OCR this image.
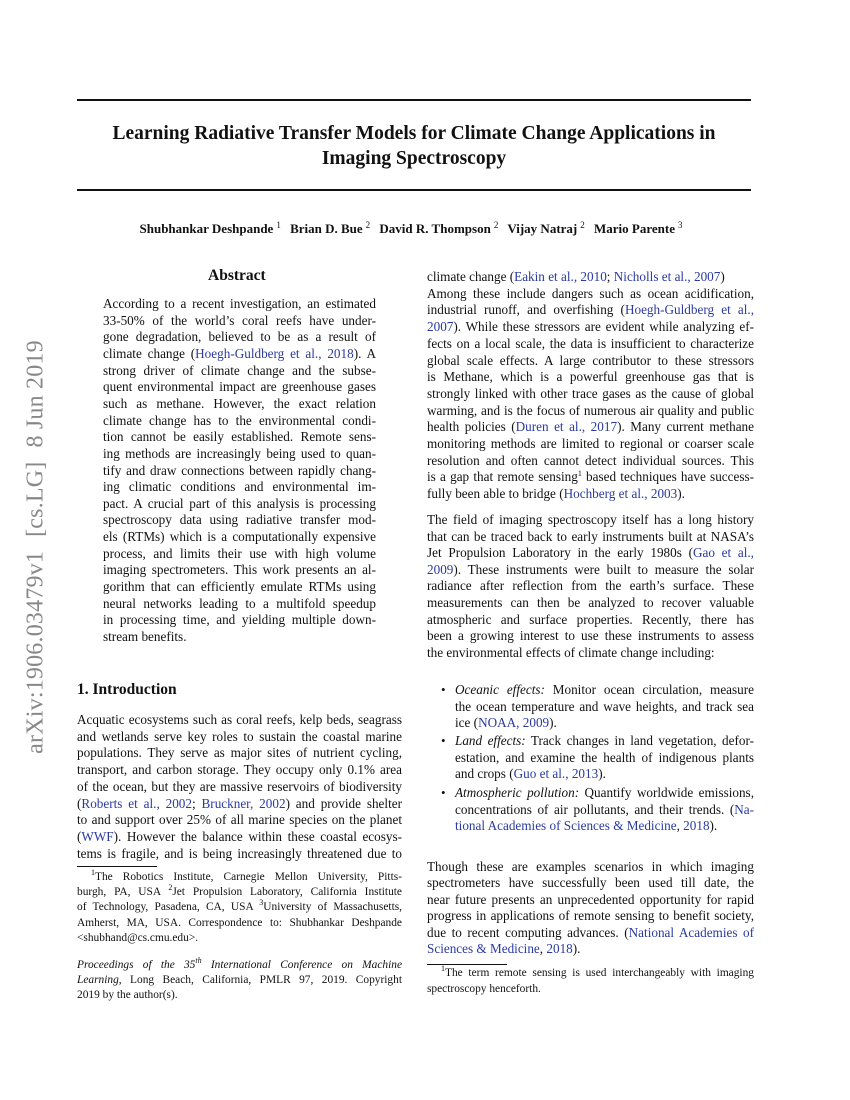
arXiv:1906.03479v1[cs.LG]8 Jun 2019
Learning Radiative Transfer Models for Climate Change Applications in
Imaging Spectroscopy
Shubhankar Deshpande $^1$ Brian D. Bue $^2$ David R. Thompson $^2$ Vijay Natraj $^2$ Mario Parente $^3$
Abstract
1. Introduction	•
•
•
According to a recent investigation, an estimated
33-50% of the world’s coral reefs have under-
gone degradation, believed to be as a result of
climate change (Hoegh-Guldberg et al., 2018). A
strong driver of climate change and the subse-
quent environmental impact are greenhouse gases
such as methane. However, the exact relation
climate change has to the environmental condi-
tion cannot be easily established. Remote sens-
ing methods are increasingly being used to quan-
tify and draw connections between rapidly chang-
ing climatic conditions and environmental im-
pact. A crucial part of this analysis is processing
spectroscopy data using radiative transfer mod-
els (RTMs) which is a computationally expensive
process, and limits their use with high volume
imaging spectrometers. This work presents an al-
gorithm that can efficiently emulate RTMs using
neural networks leading to a multifold speedup
in processing time, and yielding multiple down-
stream benefits.
Acquatic ecosystems such as coral reefs, kelp beds, seagrass
and wetlands serve key roles to sustain the coastal marine
populations. They serve as major sites of nutrient cycling,
transport, and carbon storage. They occupy only 0.1% area
of the ocean, but they are massive reservoirs of biodiversity
(Roberts et al., 2002; Bruckner, 2002) and provide shelter
to and support over 25% of all marine species on the planet
(WWF). However the balance within these coastal ecosys-
tems is fragile, and is being increasingly threatened due to
$^1$The Robotics Institute, Carnegie Mellon University, Pitts-
burgh, PA, USA $^2$Jet Propulsion Laboratory, California Institute
of Technology, Pasadena, CA, USA $^3$University of Massachusetts,
Amherst, MA, USA. Correspondence to: Shubhankar Deshpande
<shubhand@cs.cmu.edu>.
Proceedings of the 35th International Conference on Machine
Learning, Long Beach, California, PMLR 97, 2019. Copyright
2019 by the author(s).
climate change (Eakin et al., 2010; Nicholls et al., 2007)
Among these include dangers such as ocean acidification,
industrial runoff, and overfishing (Hoegh-Guldberg et al.,
2007). While these stressors are evident while analyzing ef-
fects on a local scale, the data is insufficient to characterize
global scale effects. A large contributor to these stressors
is Methane, which is a powerful greenhouse gas that is
strongly linked with other trace gases as the cause of global
warming, and is the focus of numerous air quality and public
health policies (Duren et al., 2017). Many current methane
monitoring methods are limited to regional or coarser scale
resolution and often cannot detect individual sources. This
is a gap that remote sensing$^1$ based techniques have success-
fully been able to bridge (Hochberg et al., 2003).
The field of imaging spectroscopy itself has a long history
that can be traced back to early instruments built at NASA’s
Jet Propulsion Laboratory in the early 1980s (Gao et al.,
2009). These instruments were built to measure the solar
radiance after reflection from the earth’s surface. These
measurements can then be analyzed to recover valuable
atmospheric and surface properties. Recently, there has
been a growing interest to use these instruments to assess
the environmental effects of climate change including:
Oceanic effects: Monitor ocean circulation, measure
the ocean temperature and wave heights, and track sea
ice (NOAA, 2009).
Land effects: Track changes in land vegetation, defor-
estation, and examine the health of indigenous plants
and crops (Guo et al., 2013).
Atmospheric pollution: Quantify worldwide emissions,
concentrations of air pollutants, and their trends. (Na-
tional Academies of Sciences & Medicine, 2018).
Though these are examples scenarios in which imaging
spectrometers have successfully been used till date, the
near future presents an unprecedented opportunity for rapid
progress in applications of remote sensing to benefit society,
due to recent computing advances. (National Academies of
Sciences & Medicine, 2018).
$^1$The term remote sensing is used interchangeably with imaging
spectroscopy henceforth.
